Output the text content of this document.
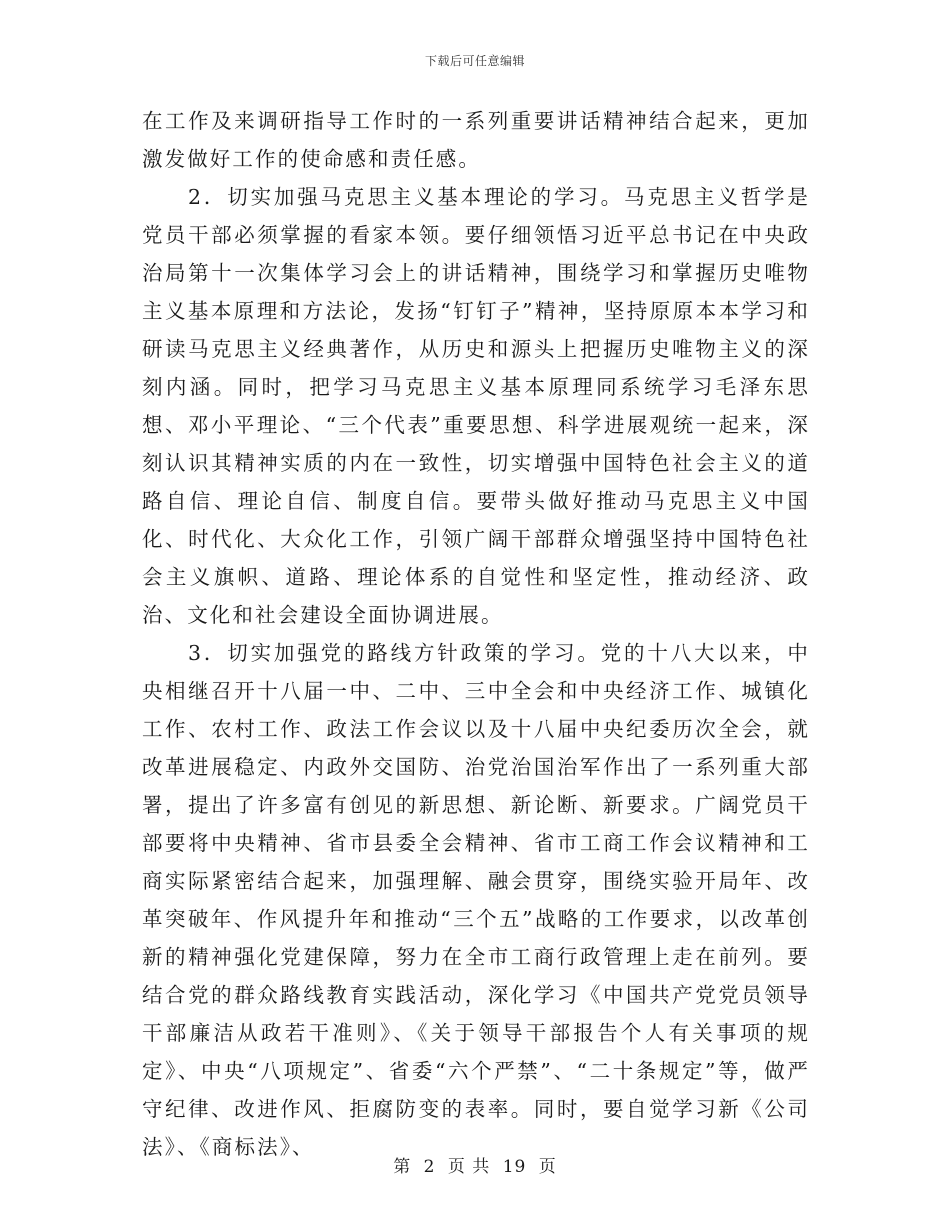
下载后可任意编辑

在工作及来调研指导工作时的一系列重要讲话精神结合起来，更加激发做好工作的使命感和责任感。

2．切实加强马克思主义基本理论的学习。马克思主义哲学是党员干部必须掌握的看家本领。要仔细领悟习近平总书记在中央政治局第十一次集体学习会上的讲话精神，围绕学习和掌握历史唯物主义基本原理和方法论，发扬“钉钉子”精神，坚持原原本本学习和研读马克思主义经典著作，从历史和源头上把握历史唯物主义的深刻内涵。同时，把学习马克思主义基本原理同系统学习毛泽东思想、邓小平理论、“三个代表”重要思想、科学进展观统一起来，深刻认识其精神实质的内在一致性，切实增强中国特色社会主义的道路自信、理论自信、制度自信。要带头做好推动马克思主义中国化、时代化、大众化工作，引领广阔干部群众增强坚持中国特色社会主义旗帜、道路、理论体系的自觉性和坚定性，推动经济、政治、文化和社会建设全面协调进展。

3．切实加强党的路线方针政策的学习。党的十八大以来，中央相继召开十八届一中、二中、三中全会和中央经济工作、城镇化工作、农村工作、政法工作会议以及十八届中央纪委历次全会，就改革进展稳定、内政外交国防、治党治国治军作出了一系列重大部署，提出了许多富有创见的新思想、新论断、新要求。广阔党员干部要将中央精神、省市县委全会精神、省市工商工作会议精神和工商实际紧密结合起来，加强理解、融会贯穿，围绕实验开局年、改革突破年、作风提升年和推动“三个五”战略的工作要求，以改革创新的精神强化党建保障，努力在全市工商行政管理上走在前列。要结合党的群众路线教育实践活动，深化学习《中国共产党党员领导干部廉洁从政若干准则》、《关于领导干部报告个人有关事项的规定》、中央“八项规定”、省委“六个严禁”、“二十条规定”等，做严守纪律、改进作风、拒腐防变的表率。同时，要自觉学习新《公司法》、《商标法》、

第 2 页 共 19 页
